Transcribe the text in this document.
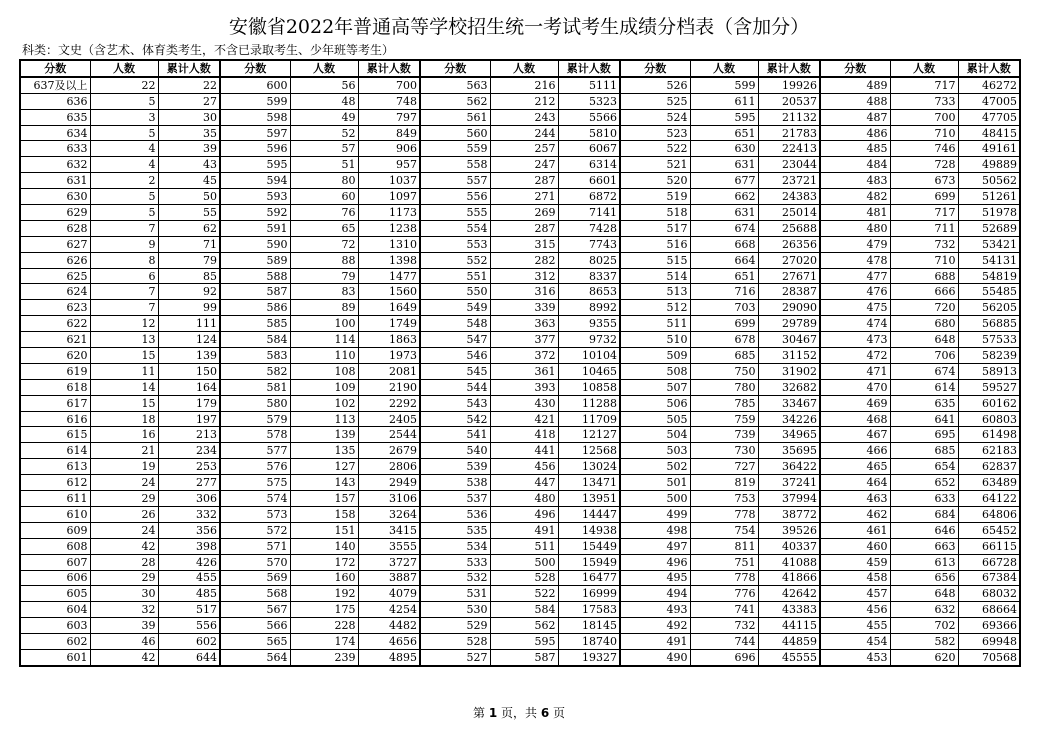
安徽省2022年普通高等学校招生统一考试考生成绩分档表（含加分）
科类：文史（含艺术、体育类考生，不含已录取考生、少年班等考生）
分数	人数	累计人数	分数	人数	累计人数	分数	人数	累计人数	分数	人数	累计人数	分数	人数	累计人数
637及以上	22	22	600	56	700	563	216	5111	526	599	19926	489	717	46272
636	5	27	599	48	748	562	212	5323	525	611	20537	488	733	47005
635	3	30	598	49	797	561	243	5566	524	595	21132	487	700	47705
634	5	35	597	52	849	560	244	5810	523	651	21783	486	710	48415
633	4	39	596	57	906	559	257	6067	522	630	22413	485	746	49161
632	4	43	595	51	957	558	247	6314	521	631	23044	484	728	49889
631	2	45	594	80	1037	557	287	6601	520	677	23721	483	673	50562
630	5	50	593	60	1097	556	271	6872	519	662	24383	482	699	51261
629	5	55	592	76	1173	555	269	7141	518	631	25014	481	717	51978
628	7	62	591	65	1238	554	287	7428	517	674	25688	480	711	52689
627	9	71	590	72	1310	553	315	7743	516	668	26356	479	732	53421
626	8	79	589	88	1398	552	282	8025	515	664	27020	478	710	54131
625	6	85	588	79	1477	551	312	8337	514	651	27671	477	688	54819
624	7	92	587	83	1560	550	316	8653	513	716	28387	476	666	55485
623	7	99	586	89	1649	549	339	8992	512	703	29090	475	720	56205
622	12	111	585	100	1749	548	363	9355	511	699	29789	474	680	56885
621	13	124	584	114	1863	547	377	9732	510	678	30467	473	648	57533
620	15	139	583	110	1973	546	372	10104	509	685	31152	472	706	58239
619	11	150	582	108	2081	545	361	10465	508	750	31902	471	674	58913
618	14	164	581	109	2190	544	393	10858	507	780	32682	470	614	59527
617	15	179	580	102	2292	543	430	11288	506	785	33467	469	635	60162
616	18	197	579	113	2405	542	421	11709	505	759	34226	468	641	60803
615	16	213	578	139	2544	541	418	12127	504	739	34965	467	695	61498
614	21	234	577	135	2679	540	441	12568	503	730	35695	466	685	62183
613	19	253	576	127	2806	539	456	13024	502	727	36422	465	654	62837
612	24	277	575	143	2949	538	447	13471	501	819	37241	464	652	63489
611	29	306	574	157	3106	537	480	13951	500	753	37994	463	633	64122
610	26	332	573	158	3264	536	496	14447	499	778	38772	462	684	64806
609	24	356	572	151	3415	535	491	14938	498	754	39526	461	646	65452
608	42	398	571	140	3555	534	511	15449	497	811	40337	460	663	66115
607	28	426	570	172	3727	533	500	15949	496	751	41088	459	613	66728
606	29	455	569	160	3887	532	528	16477	495	778	41866	458	656	67384
605	30	485	568	192	4079	531	522	16999	494	776	42642	457	648	68032
604	32	517	567	175	4254	530	584	17583	493	741	43383	456	632	68664
603	39	556	566	228	4482	529	562	18145	492	732	44115	455	702	69366
602	46	602	565	174	4656	528	595	18740	491	744	44859	454	582	69948
601	42	644	564	239	4895	527	587	19327	490	696	45555	453	620	70568
第 1 页，共 6 页
